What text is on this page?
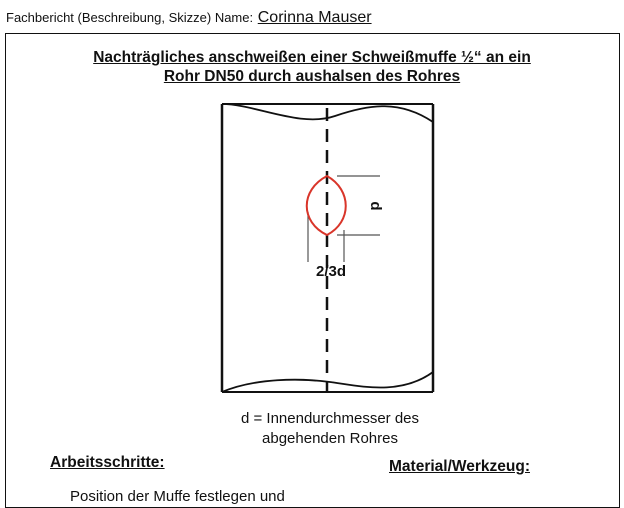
Fachbericht (Beschreibung, Skizze) Name: Corinna Mauser
Nachträgliches anschweißen einer Schweißmuffe ½“ an ein
Rohr DN50 durch aushalsen des Rohres
d
2/3d
d = Innendurchmesser des
abgehenden Rohres
Arbeitsschritte:	Material/Werkzeug:
Position der Muffe festlegen und
